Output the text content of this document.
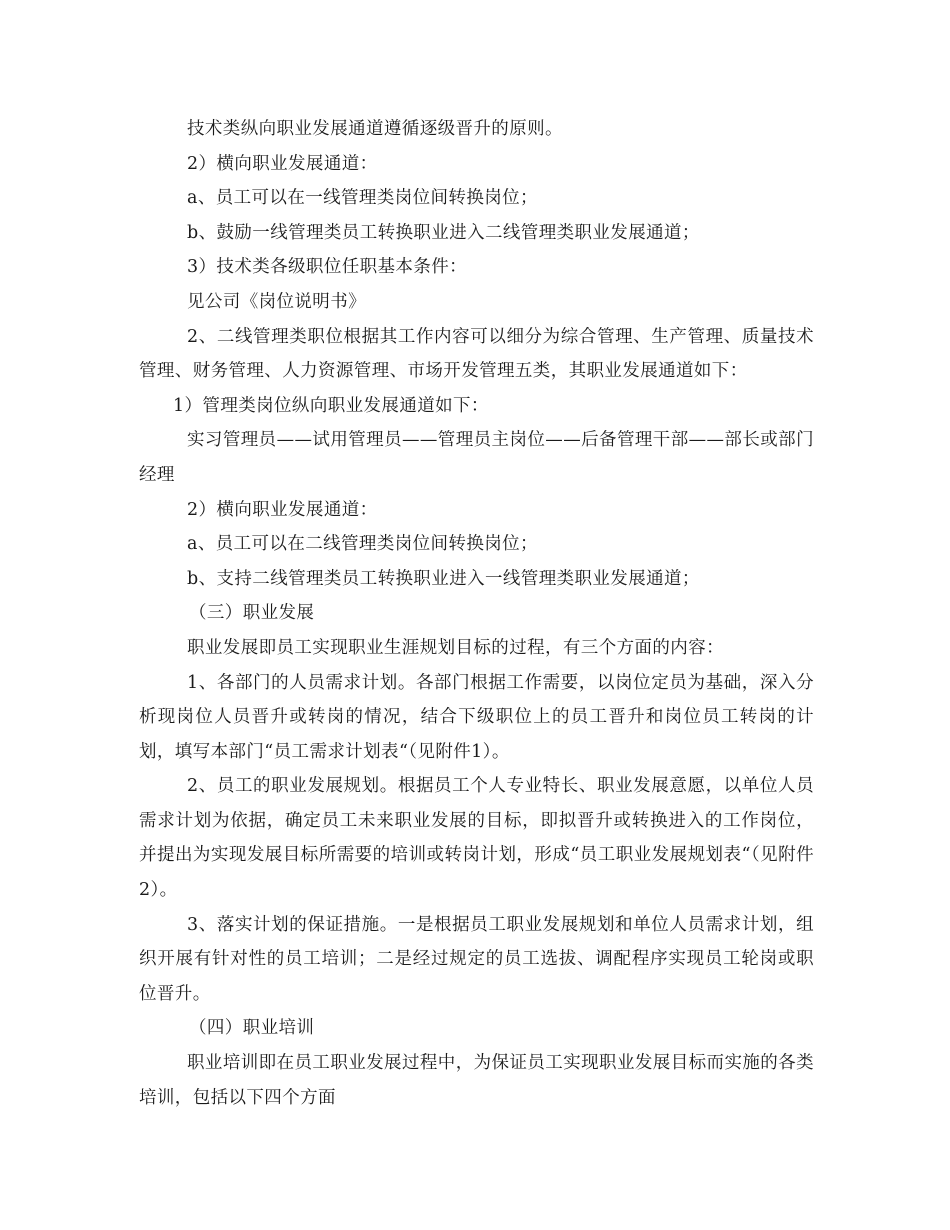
技术类纵向职业发展通道遵循逐级晋升的原则。

2）横向职业发展通道：

a、员工可以在一线管理类岗位间转换岗位；

b、鼓励一线管理类员工转换职业进入二线管理类职业发展通道；

3）技术类各级职位任职基本条件：

见公司《岗位说明书》

2、二线管理类职位根据其工作内容可以细分为综合管理、生产管理、质量技术管理、财务管理、人力资源管理、市场开发管理五类，其职业发展通道如下：

1）管理类岗位纵向职业发展通道如下：

实习管理员——试用管理员——管理员主岗位——后备管理干部——部长或部门经理

2）横向职业发展通道：

a、员工可以在二线管理类岗位间转换岗位；

b、支持二线管理类员工转换职业进入一线管理类职业发展通道；

（三）职业发展

职业发展即员工实现职业生涯规划目标的过程，有三个方面的内容：

1、各部门的人员需求计划。各部门根据工作需要，以岗位定员为基础，深入分析现岗位人员晋升或转岗的情况，结合下级职位上的员工晋升和岗位员工转岗的计划，填写本部门“员工需求计划表“（见附件1）。

2、员工的职业发展规划。根据员工个人专业特长、职业发展意愿，以单位人员需求计划为依据，确定员工未来职业发展的目标，即拟晋升或转换进入的工作岗位，并提出为实现发展目标所需要的培训或转岗计划，形成“员工职业发展规划表“（见附件2）。

3、落实计划的保证措施。一是根据员工职业发展规划和单位人员需求计划，组织开展有针对性的员工培训；二是经过规定的员工选拔、调配程序实现员工轮岗或职位晋升。

（四）职业培训

职业培训即在员工职业发展过程中，为保证员工实现职业发展目标而实施的各类培训，包括以下四个方面
